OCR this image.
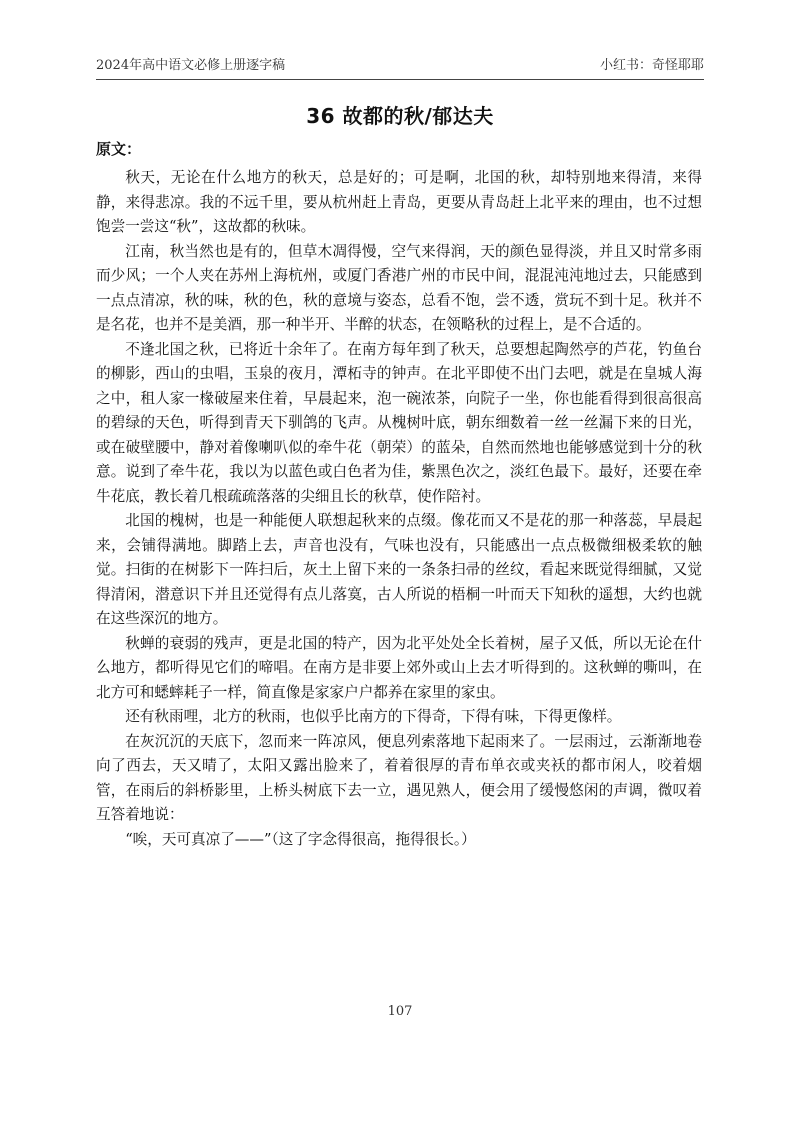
2024年高中语文必修上册逐字稿	小红书：奇怪耶耶
36 故都的秋/郁达夫
原文：

秋天，无论在什么地方的秋天，总是好的；可是啊，北国的秋，却特别地来得清，来得静，来得悲凉。我的不远千里，要从杭州赶上青岛，更要从青岛赶上北平来的理由，也不过想饱尝一尝这“秋”，这故都的秋味。

江南，秋当然也是有的，但草木凋得慢，空气来得润，天的颜色显得淡，并且又时常多雨而少风；一个人夹在苏州上海杭州，或厦门香港广州的市民中间，混混沌沌地过去，只能感到一点点清凉，秋的味，秋的色，秋的意境与姿态，总看不饱，尝不透，赏玩不到十足。秋并不是名花，也并不是美酒，那一种半开、半醉的状态，在领略秋的过程上，是不合适的。

不逢北国之秋，已将近十余年了。在南方每年到了秋天，总要想起陶然亭的芦花，钓鱼台的柳影，西山的虫唱，玉泉的夜月，潭柘寺的钟声。在北平即使不出门去吧，就是在皇城人海之中，租人家一椽破屋来住着，早晨起来，泡一碗浓茶，向院子一坐，你也能看得到很高很高的碧绿的天色，听得到青天下驯鸽的飞声。从槐树叶底，朝东细数着一丝一丝漏下来的日光，或在破壁腰中，静对着像喇叭似的牵牛花（朝荣）的蓝朵，自然而然地也能够感觉到十分的秋意。说到了牵牛花，我以为以蓝色或白色者为佳，紫黑色次之，淡红色最下。最好，还要在牵牛花底，教长着几根疏疏落落的尖细且长的秋草，使作陪衬。

北国的槐树，也是一种能便人联想起秋来的点缀。像花而又不是花的那一种落蕊，早晨起来，会铺得满地。脚踏上去，声音也没有，气味也没有，只能感出一点点极微细极柔软的触觉。扫街的在树影下一阵扫后，灰土上留下来的一条条扫帚的丝纹，看起来既觉得细腻，又觉得清闲，潜意识下并且还觉得有点儿落寞，古人所说的梧桐一叶而天下知秋的遥想，大约也就在这些深沉的地方。

秋蝉的衰弱的残声，更是北国的特产，因为北平处处全长着树，屋子又低，所以无论在什么地方，都听得见它们的啼唱。在南方是非要上郊外或山上去才听得到的。这秋蝉的嘶叫，在北方可和蟋蟀耗子一样，简直像是家家户户都养在家里的家虫。

还有秋雨哩，北方的秋雨，也似乎比南方的下得奇，下得有味，下得更像样。

在灰沉沉的天底下，忽而来一阵凉风，便息列索落地下起雨来了。一层雨过，云渐渐地卷向了西去，天又晴了，太阳又露出脸来了，着着很厚的青布单衣或夹袄的都市闲人，咬着烟管，在雨后的斜桥影里，上桥头树底下去一立，遇见熟人，便会用了缓慢悠闲的声调，微叹着互答着地说：

“唉，天可真凉了——”（这了字念得很高，拖得很长。）

107
